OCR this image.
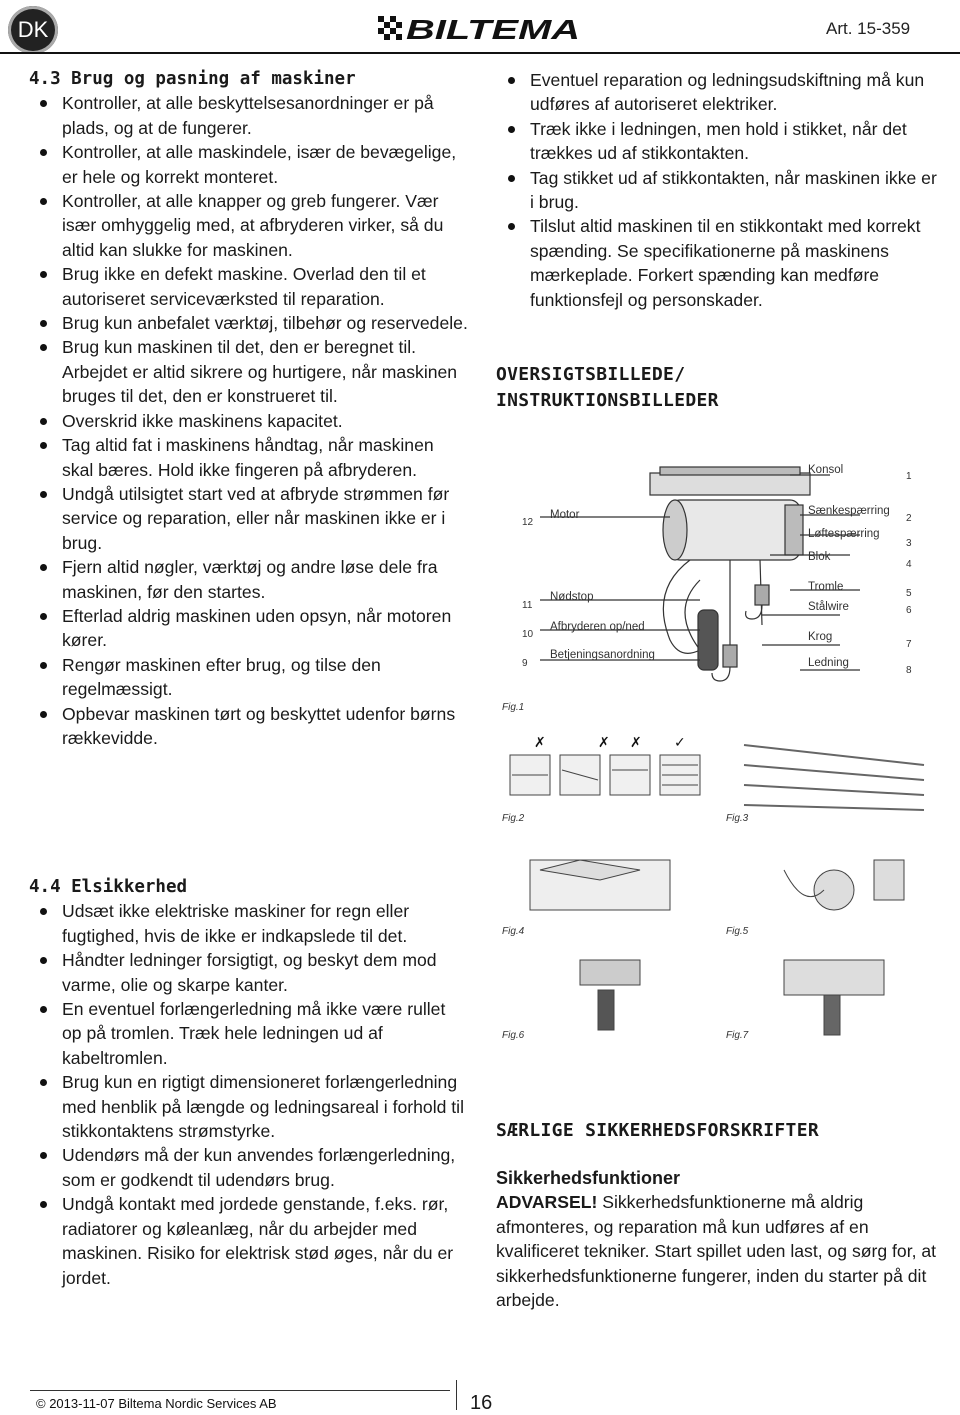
DK	BILTEMA	Art. 15-359
4.3 Brug og pasning af maskiner
Kontroller, at alle beskyttelsesanordninger er på plads, og at de fungerer.
Kontroller, at alle maskindele, især de bevægelige, er hele og korrekt monteret.
Kontroller, at alle knapper og greb fungerer. Vær især omhyggelig med, at afbryderen virker, så du altid kan slukke for maskinen.
Brug ikke en defekt maskine. Overlad den til et autoriseret serviceværksted til reparation.
Brug kun anbefalet værktøj, tilbehør og reservedele.
Brug kun maskinen til det, den er beregnet til. Arbejdet er altid sikrere og hurtigere, når maskinen bruges til det, den er konstrueret til.
Overskrid ikke maskinens kapacitet.
Tag altid fat i maskinens håndtag, når maskinen skal bæres. Hold ikke fingeren på afbryderen.
Undgå utilsigtet start ved at afbryde strømmen før service og reparation, eller når maskinen ikke er i brug.
Fjern altid nøgler, værktøj og andre løse dele fra maskinen, før den startes.
Efterlad aldrig maskinen uden opsyn, når motoren kører.
Rengør maskinen efter brug, og tilse den regelmæssigt.
Opbevar maskinen tørt og beskyttet udenfor børns rækkevidde.
4.4 Elsikkerhed
Udsæt ikke elektriske maskiner for regn eller fugtighed, hvis de ikke er indkapslede til det.
Håndter ledninger forsigtigt, og beskyt dem mod varme, olie og skarpe kanter.
En eventuel forlængerledning må ikke være rullet op på tromlen. Træk hele ledningen ud af kabeltromlen.
Brug kun en rigtigt dimensioneret forlængerledning med henblik på længde og ledningsareal i forhold til stikkontaktens strømstyrke.
Udendørs må der kun anvendes forlængerledning, som er godkendt til udendørs brug.
Undgå kontakt med jordede genstande, f.eks. rør, radiatorer og køleanlæg, når du arbejder med maskinen. Risiko for elektrisk stød øges, når du er jordet.
Eventuel reparation og ledningsudskiftning må kun udføres af autoriseret elektriker.
Træk ikke i ledningen, men hold i stikket, når det trækkes ud af stikkontakten.
Tag stikket ud af stikkontakten, når maskinen ikke er i brug.
Tilslut altid maskinen til en stikkontakt med korrekt spænding. Se specifikationerne på maskinens mærkeplade. Forkert spænding kan medføre funktionsfejl og personskader.
OVERSIGTSBILLEDE/
INSTRUKTIONSBILLEDER
Konsol
Sænkespærring
Løftespærring
Blok
Tromle
Stålwire
Krog
Ledning
Motor
Nødstop
Afbryderen op/ned
Betjeningsanordning
1
2
3
4
5
6
7
8
12
11
10
9
Fig.1
✗	✗ ✗ ✓
Fig.2	Fig.3
Fig.4	Fig.5
Fig.6	Fig.7
SÆRLIGE SIKKERHEDSFORSKRIFTER
Sikkerhedsfunktioner
ADVARSEL! Sikkerhedsfunktionerne må aldrig afmonteres, og reparation må kun udføres af en kvalificeret tekniker. Start spillet uden last, og sørg for, at sikkerhedsfunktionerne fungerer, inden du starter på dit arbejde.
© 2013-11-07 Biltema Nordic Services AB	16
